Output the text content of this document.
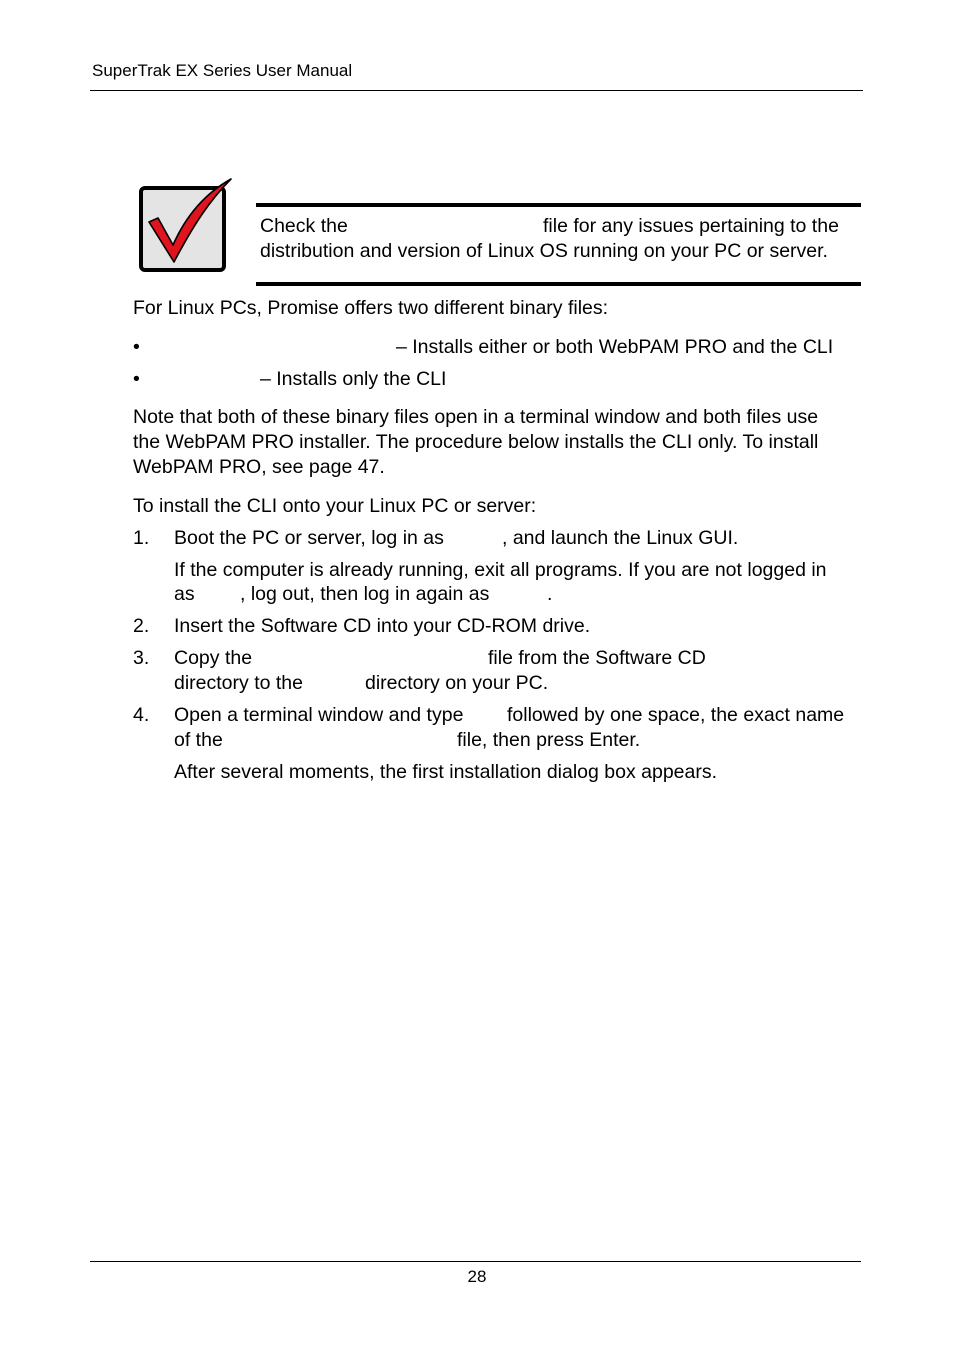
SuperTrak EX Series User Manual
Check the	file for any issues pertaining to the
distribution and version of Linux OS running on your PC or server.
For Linux PCs, Promise offers two different binary files:
•	– Installs either or both WebPAM PRO and the CLI
•	– Installs only the CLI
Note that both of these binary files open in a terminal window and both files use
the WebPAM PRO installer. The procedure below installs the CLI only. To install
WebPAM PRO, see page 47.
To install the CLI onto your Linux PC or server:
1. Boot the PC or server, log in as	, and launch the Linux GUI.
If the computer is already running, exit all programs. If you are not logged in
as , log out, then log in again as	.
2. Insert the Software CD into your CD-ROM drive.
3. Copy the	file from the Software CD
directory to the	directory on your PC.
4. Open a terminal window and type followed by one space, the exact name
of the	file, then press Enter.
After several moments, the first installation dialog box appears.
28
